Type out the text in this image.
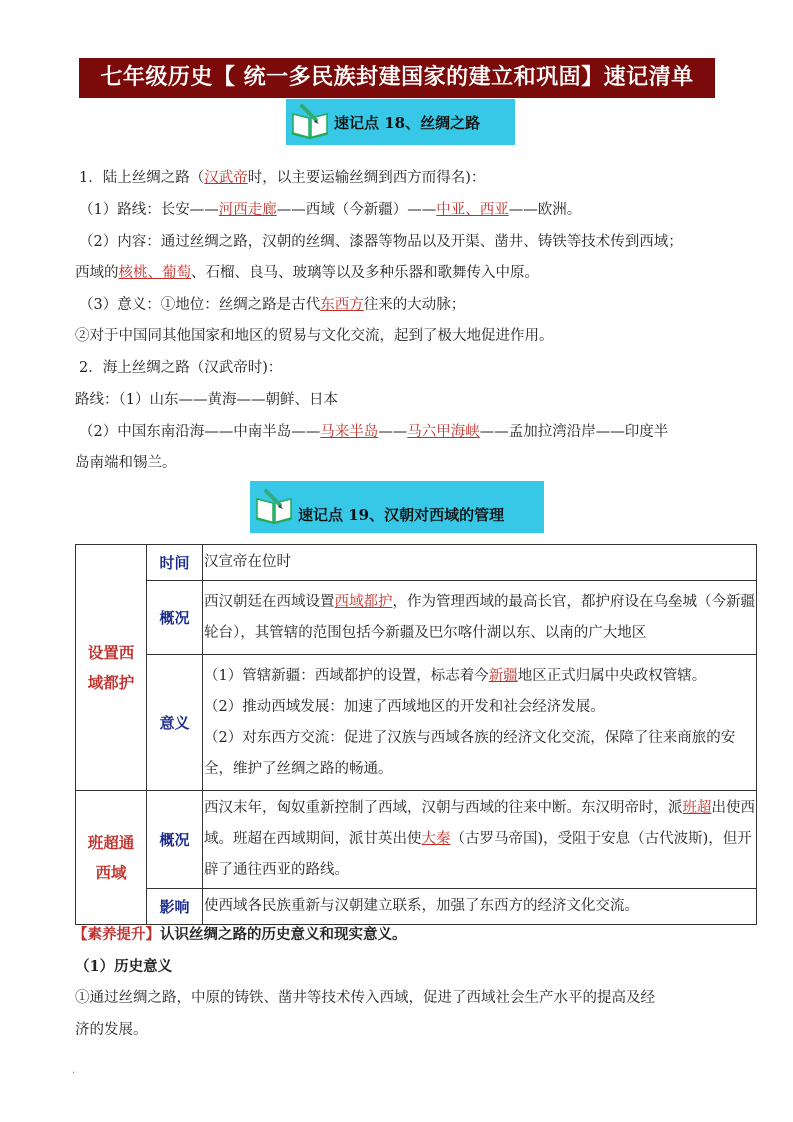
七年级历史【 统一多民族封建国家的建立和巩固】速记清单
速记点 18、丝绸之路
1．陆上丝绸之路（汉武帝时，以主要运输丝绸到西方而得名)：
（1）路线：长安——河西走廊——西域（今新疆）——中亚、西亚——欧洲。
（2）内容：通过丝绸之路，汉朝的丝绸、漆器等物品以及开渠、凿井、铸铁等技术传到西域；
西域的核桃、葡萄、石榴、良马、玻璃等以及多种乐器和歌舞传入中原。
（3）意义：①地位：丝绸之路是古代东西方往来的大动脉；
②对于中国同其他国家和地区的贸易与文化交流，起到了极大地促进作用。
2．海上丝绸之路（汉武帝时)：
路线：（1）山东——黄海——朝鲜、日本
（2）中国东南沿海——中南半岛——马来半岛——马六甲海峡——孟加拉湾沿岸——印度半
岛南端和锡兰。
速记点 19、汉朝对西域的管理
设置西域都护	时间	汉宣帝在位时
	概况	西汉朝廷在西域设置西域都护，作为管理西域的最高长官，都护府设在乌垒城（今新疆轮台），其管辖的范围包括今新疆及巴尔喀什湖以东、以南的广大地区
	意义	（1）管辖新疆：西域都护的设置，标志着今新疆地区正式归属中央政权管辖。

（2）推动西域发展：加速了西域地区的开发和社会经济发展。

（2）对东西方交流：促进了汉族与西域各族的经济文化交流，保障了往来商旅的安全，维护了丝绸之路的畅通。

班超通西域	概况	西汉末年，匈奴重新控制了西域，汉朝与西域的往来中断。东汉明帝时，派班超出使西域。班超在西域期间，派甘英出使大秦（古罗马帝国)，受阻于安息（古代波斯)，但开辟了通往西亚的路线。
	影响	使西域各民族重新与汉朝建立联系，加强了东西方的经济文化交流。
【素养提升】认识丝绸之路的历史意义和现实意义。
（1）历史意义
①通过丝绸之路，中原的铸铁、凿井等技术传入西域，促进了西域社会生产水平的提高及经
济的发展。
·
